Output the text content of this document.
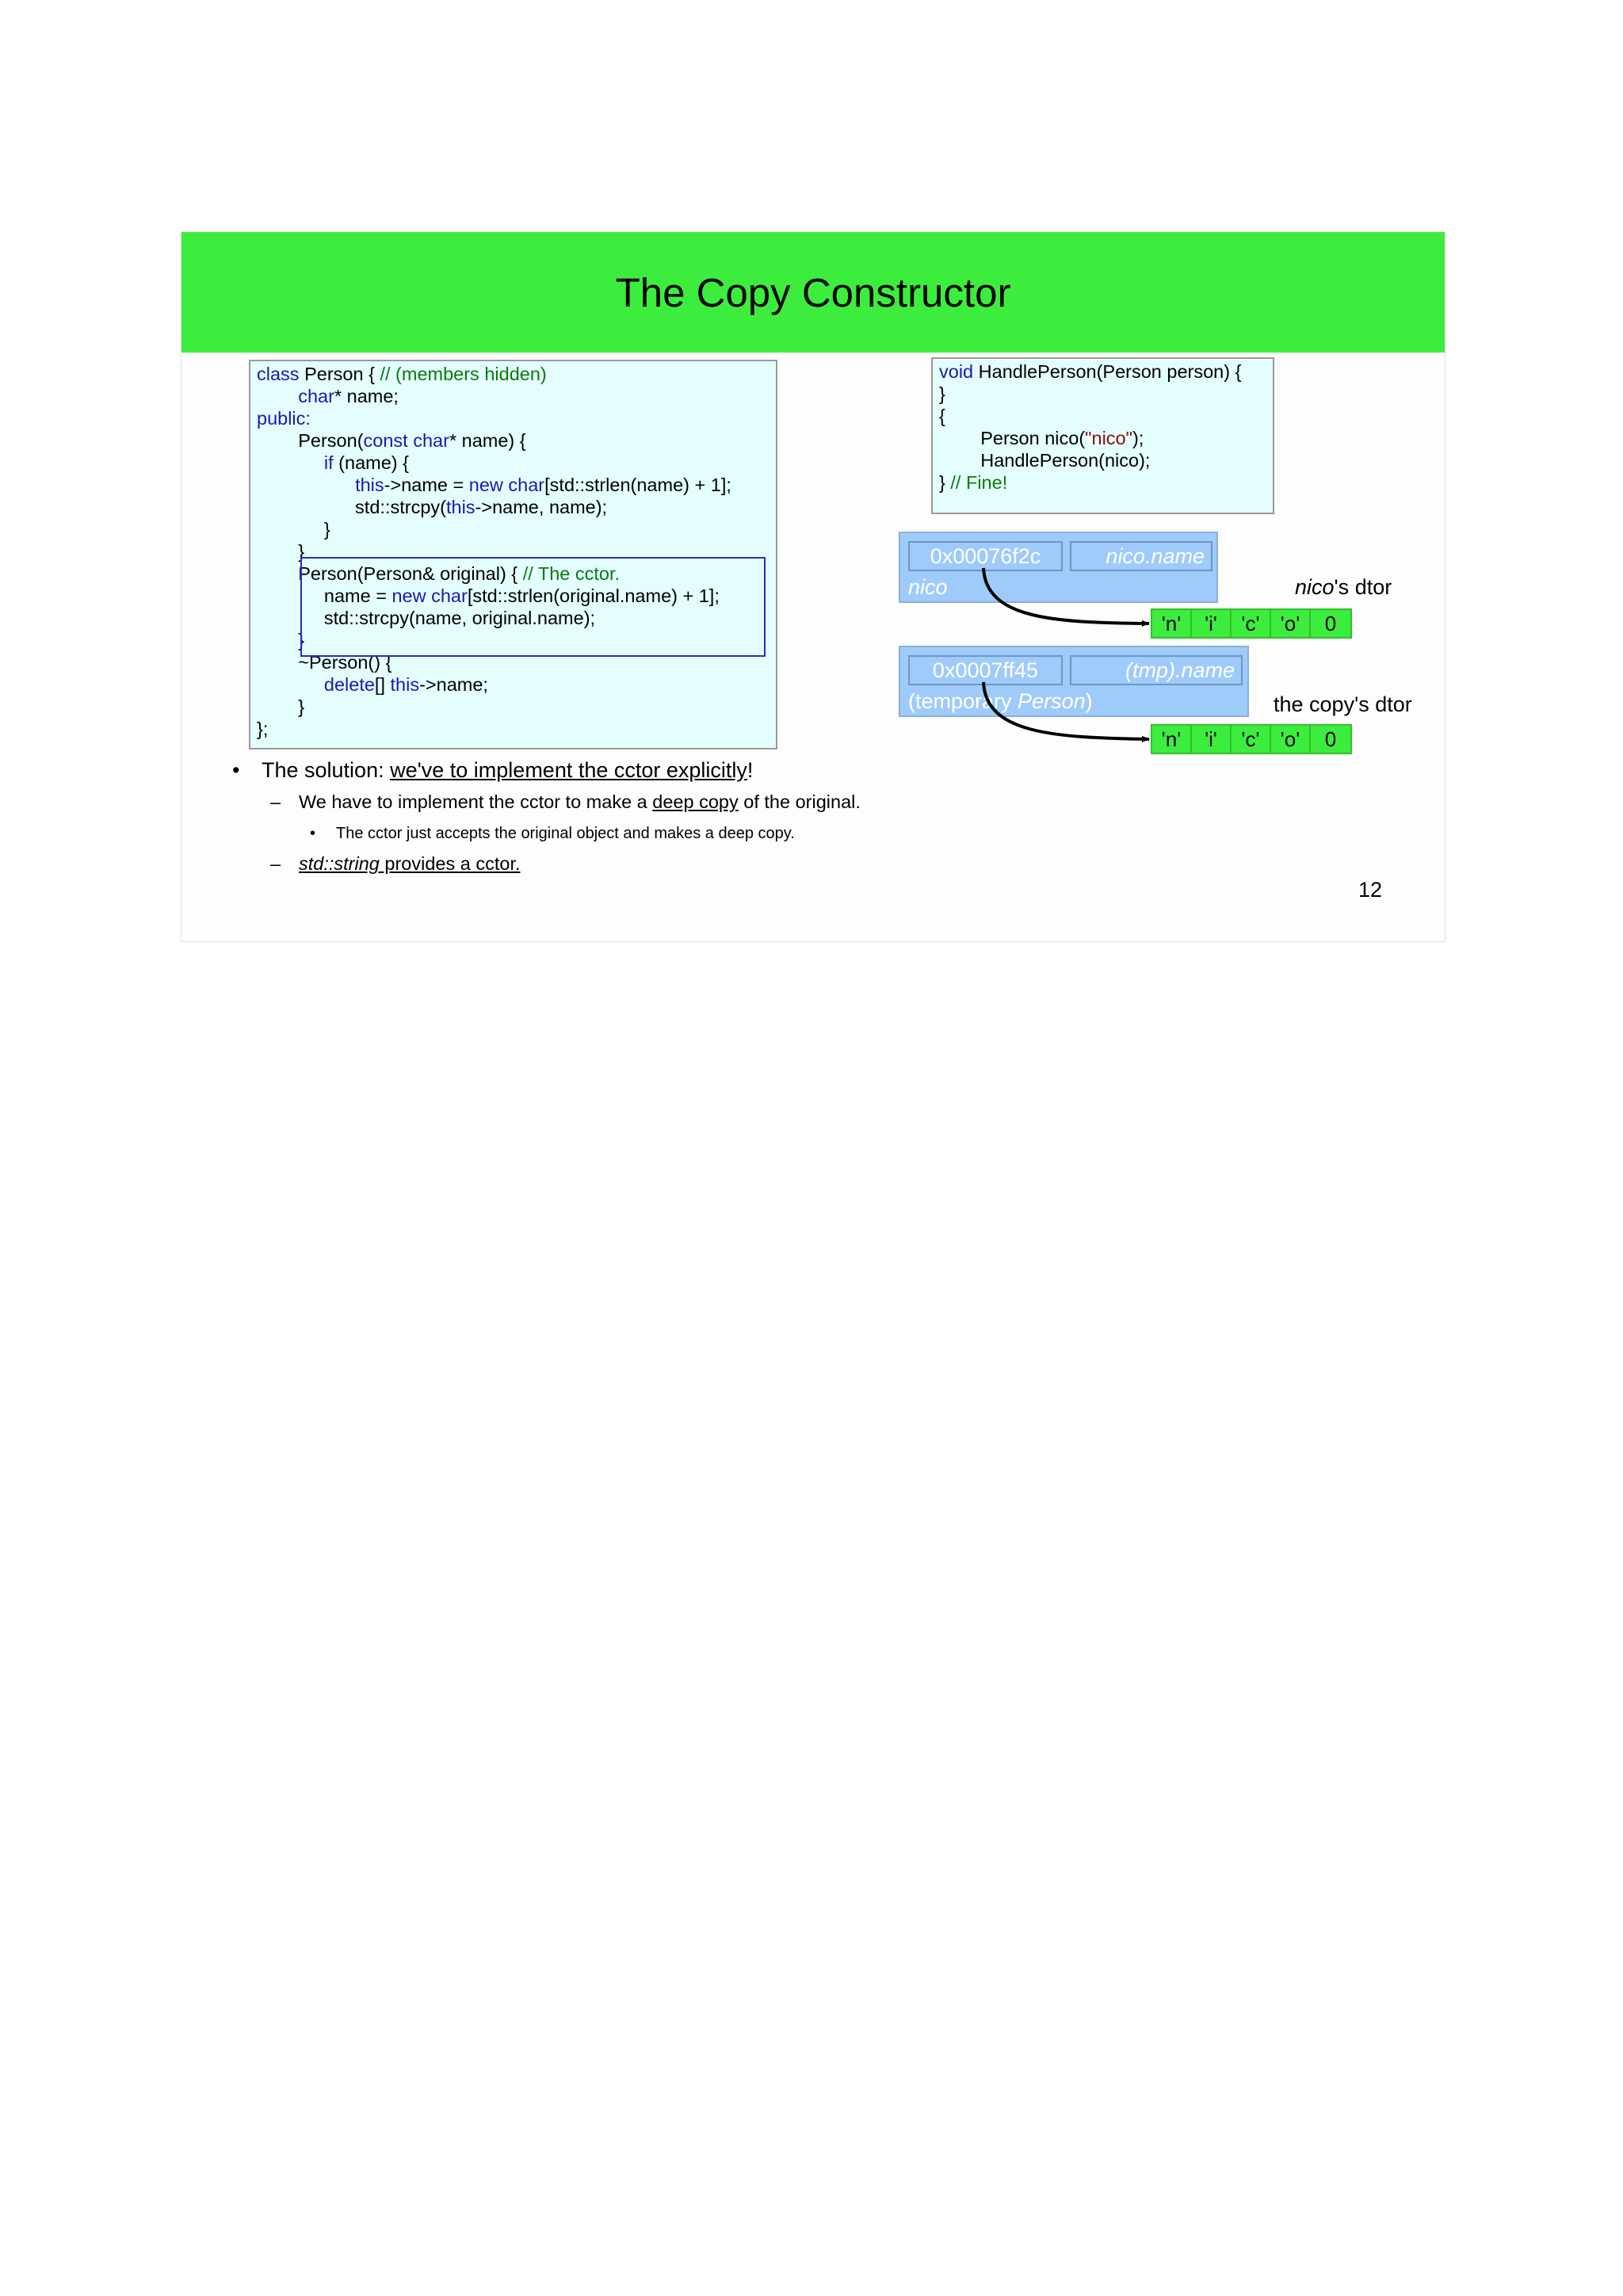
The Copy Constructor
class Person { // (members hidden)
char* name;
public:
Person(const char* name) {
if (name) {
this->name = new char[std::strlen(name) + 1];
std::strcpy(this->name, name);
}
}
Person(Person& original) { // The cctor.
name = new char[std::strlen(original.name) + 1];
std::strcpy(name, original.name);
}
~Person() {
delete[] this->name;
}
};
void HandlePerson(Person person) {
}
{
Person nico("nico");
HandlePerson(nico);
} // Fine!
0x00076f2c	nico.name
nico
0x0007ff45	(tmp).name
(temporary Person)
'n'	'i'	'c'	'o'	0
'n'	'i'	'c'	'o'	0
nico's dtor
the copy's dtor
• The solution: we've to implement the cctor explicitly!
– We have to implement the cctor to make a deep copy of the original.
• The cctor just accepts the original object and makes a deep copy.
– std::string provides a cctor.
12
